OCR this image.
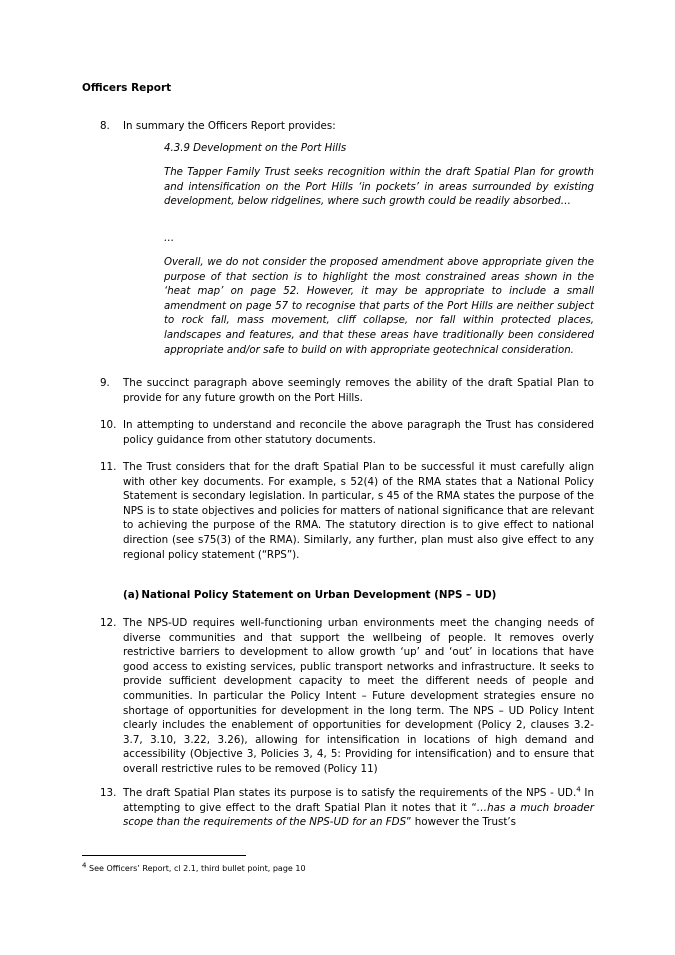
Officers Report
8.	In summary the Officers Report provides:
4.3.9 Development on the Port Hills
The Tapper Family Trust seeks recognition within the draft Spatial Plan for growth and intensification on the Port Hills ‘in pockets’ in areas surrounded by existing development, below ridgelines, where such growth could be readily absorbed…
…
Overall, we do not consider the proposed amendment above appropriate given the purpose of that section is to highlight the most constrained areas shown in the ‘heat map’ on page 52. However, it may be appropriate to include a small amendment on page 57 to recognise that parts of the Port Hills are neither subject to rock fall, mass movement, cliff collapse, nor fall within protected places, landscapes and features, and that these areas have traditionally been considered appropriate and/or safe to build on with appropriate geotechnical consideration.
9.	The succinct paragraph above seemingly removes the ability of the draft Spatial Plan to provide for any future growth on the Port Hills.
10. In attempting to understand and reconcile the above paragraph the Trust has considered policy guidance from other statutory documents.
11. The Trust considers that for the draft Spatial Plan to be successful it must carefully align with other key documents. For example, s 52(4) of the RMA states that a National Policy Statement is secondary legislation. In particular, s 45 of the RMA states the purpose of the NPS is to state objectives and policies for matters of national significance that are relevant to achieving the purpose of the RMA. The statutory direction is to give effect to national direction (see s75(3) of the RMA). Similarly, any further, plan must also give effect to any regional policy statement (“RPS”).
(a) National Policy Statement on Urban Development (NPS – UD)
12. The NPS-UD requires well-functioning urban environments meet the changing needs of diverse communities and that support the wellbeing of people. It removes overly restrictive barriers to development to allow growth ‘up’ and ‘out’ in locations that have good access to existing services, public transport networks and infrastructure. It seeks to provide sufficient development capacity to meet the different needs of people and communities. In particular the Policy Intent – Future development strategies ensure no shortage of opportunities for development in the long term. The NPS – UD Policy Intent clearly includes the enablement of opportunities for development (Policy 2, clauses 3.2- 3.7, 3.10, 3.22, 3.26), allowing for intensification in locations of high demand and accessibility (Objective 3, Policies 3, 4, 5: Providing for intensification) and to ensure that overall restrictive rules to be removed (Policy 11)
13. The draft Spatial Plan states its purpose is to satisfy the requirements of the NPS - UD.$^4$ In attempting to give effect to the draft Spatial Plan it notes that it “…has a much broader scope than the requirements of the NPS-UD for an FDS” however the Trust’s
$^4$ See Officers’ Report, cl 2.1, third bullet point, page 10
